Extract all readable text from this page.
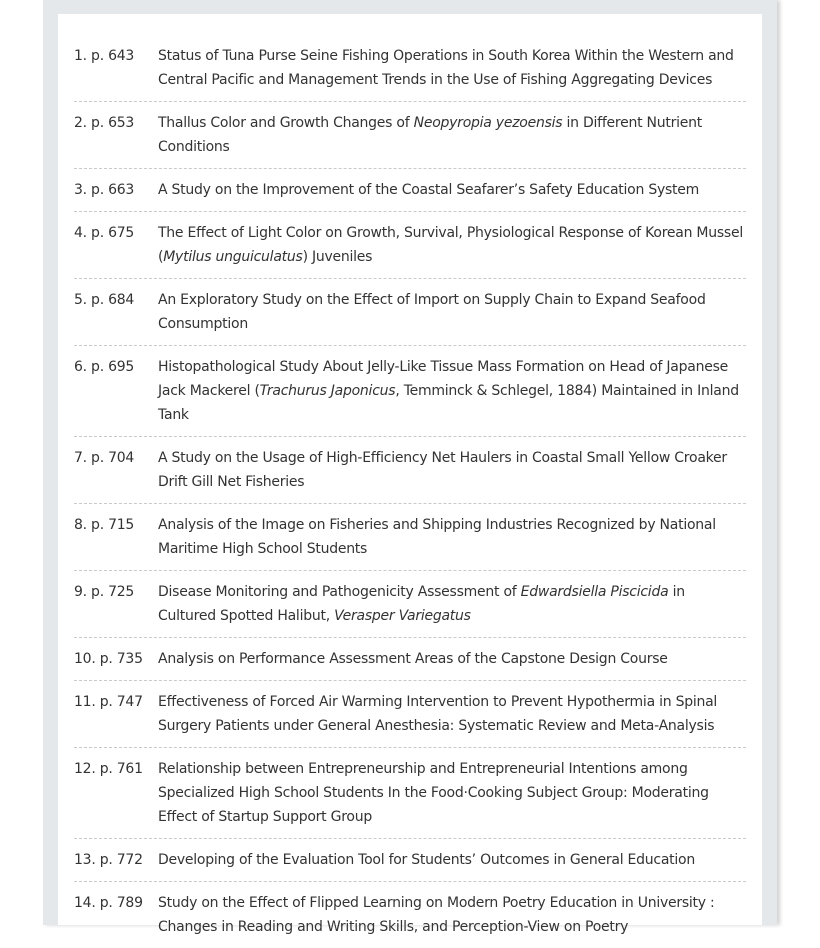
1. p. 643	Status of Tuna Purse Seine Fishing Operations in South Korea Within the Western and Central Pacific and Management Trends in the Use of Fishing Aggregating Devices
2. p. 653	Thallus Color and Growth Changes of Neopyropia yezoensis in Different Nutrient Conditions
3. p. 663	A Study on the Improvement of the Coastal Seafarer’s Safety Education System
4. p. 675	The Effect of Light Color on Growth, Survival, Physiological Response of Korean Mussel (Mytilus unguiculatus) Juveniles
5. p. 684	An Exploratory Study on the Effect of Import on Supply Chain to Expand Seafood Consumption
6. p. 695	Histopathological Study About Jelly-Like Tissue Mass Formation on Head of Japanese Jack Mackerel (Trachurus Japonicus, Temminck & Schlegel, 1884) Maintained in Inland Tank
7. p. 704	A Study on the Usage of High-Efficiency Net Haulers in Coastal Small Yellow Croaker Drift Gill Net Fisheries
8. p. 715	Analysis of the Image on Fisheries and Shipping Industries Recognized by National Maritime High School Students
9. p. 725	Disease Monitoring and Pathogenicity Assessment of Edwardsiella Piscicida in Cultured Spotted Halibut, Verasper Variegatus
10. p. 735	Analysis on Performance Assessment Areas of the Capstone Design Course
11. p. 747	Effectiveness of Forced Air Warming Intervention to Prevent Hypothermia in Spinal Surgery Patients under General Anesthesia: Systematic Review and Meta-Analysis
12. p. 761	Relationship between Entrepreneurship and Entrepreneurial Intentions among Specialized High School Students In the Food·Cooking Subject Group: Moderating Effect of Startup Support Group
13. p. 772	Developing of the Evaluation Tool for Students’ Outcomes in General Education
14. p. 789	Study on the Effect of Flipped Learning on Modern Poetry Education in University : Changes in Reading and Writing Skills, and Perception-View on Poetry
